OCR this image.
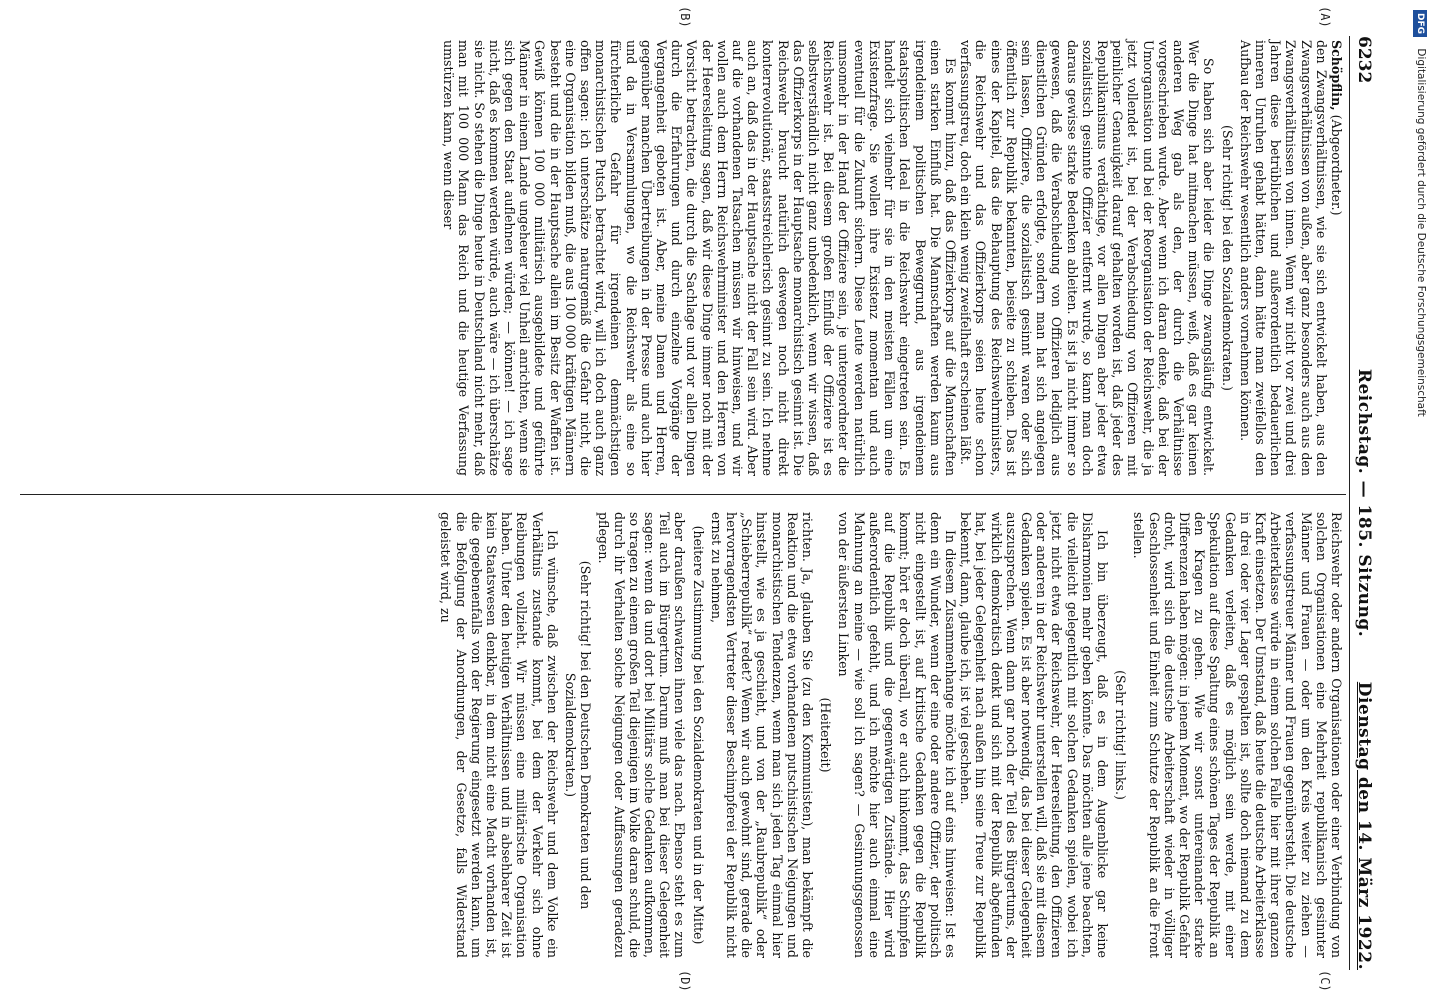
6232
Reichstag. — 185. Sitzung.
Dienstag den 14. März 1922.
(A)
(B)
(C)
(D)

Schöpflin, (Abgeordneter.)

den Zwangsverhältnissen, wie sie sich entwickelt haben, aus den Zwangsverhältnissen von außen, aber ganz besonders auch aus den Zwangsverhältnissen von innen. Wenn wir nicht vor zwei und drei Jahren diese betrüblichen und außerordentlich bedauerlichen inneren Unruhen gehabt hätten, dann hätte man zweifellos den Aufbau der Reichswehr wesentlich anders vornehmen können.

(Sehr richtig! bei den Sozialdemokraten.)

So haben sich aber leider die Dinge zwangsläufig entwickelt. Wer die Dinge hat mitmachen müssen, weiß, daß es gar keinen anderen Weg gab als den, der durch die Verhältnisse vorgeschrieben wurde. Aber wenn ich daran denke, daß bei der Umorganisation und bei der Reorganisation der Reichswehr, die ja jetzt vollendet ist, bei der Verabschiedung von Offizieren mit peinlicher Genauigkeit darauf gehalten worden ist, daß jeder des Republikanismus verdächtige, vor allen Dingen aber jeder etwa sozialistisch gesinnte Offizier entfernt wurde, so kann man doch daraus gewisse starke Bedenken ableiten. Es ist ja nicht immer so gewesen, daß die Verabschiedung von Offizieren lediglich aus dienstlichen Gründen erfolgte, sondern man hat sich angelegen sein lassen, Offiziere, die sozialistisch gesinnt waren oder sich öffentlich zur Republik bekannten, beiseite zu schieben. Das ist eines der Kapitel, das die Behauptung des Reichswehrministers, die Reichswehr und das Offizierkorps seien heute schon verfassungstreu, doch ein klein wenig zweifelhaft erscheinen läßt.

Es kommt hinzu, daß das Offizierkorps auf die Mannschaften einen starken Einfluß hat. Die Mannschaften werden kaum aus irgendeinem politischen Beweggrund, aus irgendeinem staatspolitischen Ideal in die Reichswehr eingetreten sein. Es handelt sich vielmehr für sie in den meisten Fällen um eine Existenzfrage. Sie wollen ihre Existenz momentan und auch eventuell für die Zukunft sichern. Diese Leute werden natürlich umsomehr in der Hand der Offiziere sein, je untergeordneter die Reichswehr ist. Bei diesem großen Einfluß der Offiziere ist es selbstverständlich nicht ganz unbedenklich, wenn wir wissen, daß das Offizierkorps in der Hauptsache monarchistisch gesinnt ist. Die Reichswehr braucht natürlich deswegen noch nicht direkt konterrevolutionär, staatsstreichlerisch gesinnt zu sein. Ich nehme auch an, daß das in der Hauptsache nicht der Fall sein wird. Aber auf die vorhandenen Tatsachen müssen wir hinweisen, und wir wollen auch dem Herrn Reichswehrminister und den Herren von der Heeresleitung sagen, daß wir diese Dinge immer noch mit der Vorsicht betrachten, die durch die Sachlage und vor allen Dingen durch die Erfahrungen und durch einzelne Vorgänge der Vergangenheit geboten ist. Aber, meine Damen und Herren, gegenüber manchen Übertreibungen in der Presse und auch hier und da in Versammlungen, wo die Reichswehr als eine so fürchterliche Gefahr für irgendeinen demnächstigen monarchistischen Putsch betrachtet wird, will ich doch auch ganz offen sagen: ich unterschätze naturgemäß die Gefahr nicht, die eine Organisation bilden muß, die aus 100 000 kräftigen Männern besteht und die in der Hauptsache allein im Besitz der Waffen ist. Gewiß können 100 000 militärisch ausgebildete und geführte Männer in einem Lande ungeheuer viel Unheil anrichten, wenn sie sich gegen den Staat auflehnen würden; — können! — ich sage nicht, daß es kommen werden würde, auch wäre — ich überschätze sie nicht. So stehen die Dinge heute in Deutschland nicht mehr, daß man mit 100 000 Mann das Reich und die heutige Verfassung umstürzen kann, wenn dieser

Reichswehr oder andern Organisationen oder einer Verbindung von solchen Organisationen eine Mehrheit republikanisch gesinnter Männer und Frauen — oder um den Kreis weiter zu ziehen — verfassungstreuer Männer und Frauen gegenübersteht. Die deutsche Arbeiterklasse würde in einem solchen Falle hier mit ihrer ganzen Kraft einsetzen. Der Umstand, daß heute die deutsche Arbeiterklasse in drei oder vier Lager gespalten ist, sollte doch niemand zu dem Gedanken verleiten, daß es möglich sein werde, mit einer Spekulation auf diese Spaltung eines schönen Tages der Republik an den Kragen zu gehen. Wie wir sonst untereinander starke Differenzen haben mögen: in jenem Moment, wo der Republik Gefahr droht, wird sich die deutsche Arbeiterschaft wieder in völliger Geschlossenheit und Einheit zum Schutze der Republik an die Front stellen.

(Sehr richtig! links.)

Ich bin überzeugt, daß es in dem Augenblicke gar keine Disharmonien mehr geben könnte. Das möchten alle jene beachten, die vielleicht gelegentlich mit solchen Gedanken spielen, wobei ich jetzt nicht etwa der Reichswehr, der Heeresleitung, den Offizieren oder anderen in der Reichswehr unterstellen will, daß sie mit diesem Gedanken spielen. Es ist aber notwendig, das bei dieser Gelegenheit auszusprechen. Wenn dann gar noch der Teil des Bürgertums, der wirklich demokratisch denkt und sich mit der Republik abgefunden hat, bei jeder Gelegenheit nach außen hin seine Treue zur Republik bekennt, dann, glaube ich, ist viel geschehen.

In diesem Zusammenhange möchte ich auf eins hinweisen: Ist es denn ein Wunder, wenn der eine oder andere Offizier, der politisch nicht eingestellt ist, auf kritische Gedanken gegen die Republik kommt; hört er doch überall, wo er auch hinkommt, das Schimpfen auf die Republik und die gegenwärtigen Zustände. Hier wird außerordentlich gefehlt, und ich möchte hier auch einmal eine Mahnung an meine — wie soll ich sagen? — Gesinnungsgenossen von der äußersten Linken

(Heiterkeit)

richten. Ja, glauben Sie (zu den Kommunisten), man bekämpft die Reaktion und die etwa vorhandenen putschistischen Neigungen und monarchistischen Tendenzen, wenn man sich jeden Tag einmal hier hinstellt, wie es ja geschieht, und von der „Raubrepublik“ oder „Schieberrepublik“ redet? Wenn wir auch gewohnt sind, gerade die hervorragendsten Vertreter dieser Beschimpferei der Republik nicht ernst zu nehmen,

(heitere Zustimmung bei den Sozialdemokraten und in der Mitte)

aber draußen schwatzen ihnen viele das nach. Ebenso steht es zum Teil auch im Bürgertum. Darum muß man bei dieser Gelegenheit sagen: wenn da und dort bei Militärs solche Gedanken aufkommen, so tragen zu einem großen Teil diejenigen im Volke daran schuld, die durch ihr Verhalten solche Neigungen oder Auffassungen geradezu pflegen.

(Sehr richtig! bei den Deutschen Demokraten und den Sozialdemokraten.)

Ich wünsche, daß zwischen der Reichswehr und dem Volke ein Verhältnis zustande kommt, bei dem der Verkehr sich ohne Reibungen vollzieht. Wir müssen eine militärische Organisation haben. Unter den heutigen Verhältnissen und in absehbarer Zeit ist kein Staatswesen denkbar, in dem nicht eine Macht vorhanden ist, die gegebenenfalls von der Regierung eingesetzt werden kann, um die Befolgung der Anordnungen, der Gesetze, falls Widerstand geleistet wird, zu

DFG Digitalisierung gefördert durch die Deutsche Forschungsgemeinschaft
